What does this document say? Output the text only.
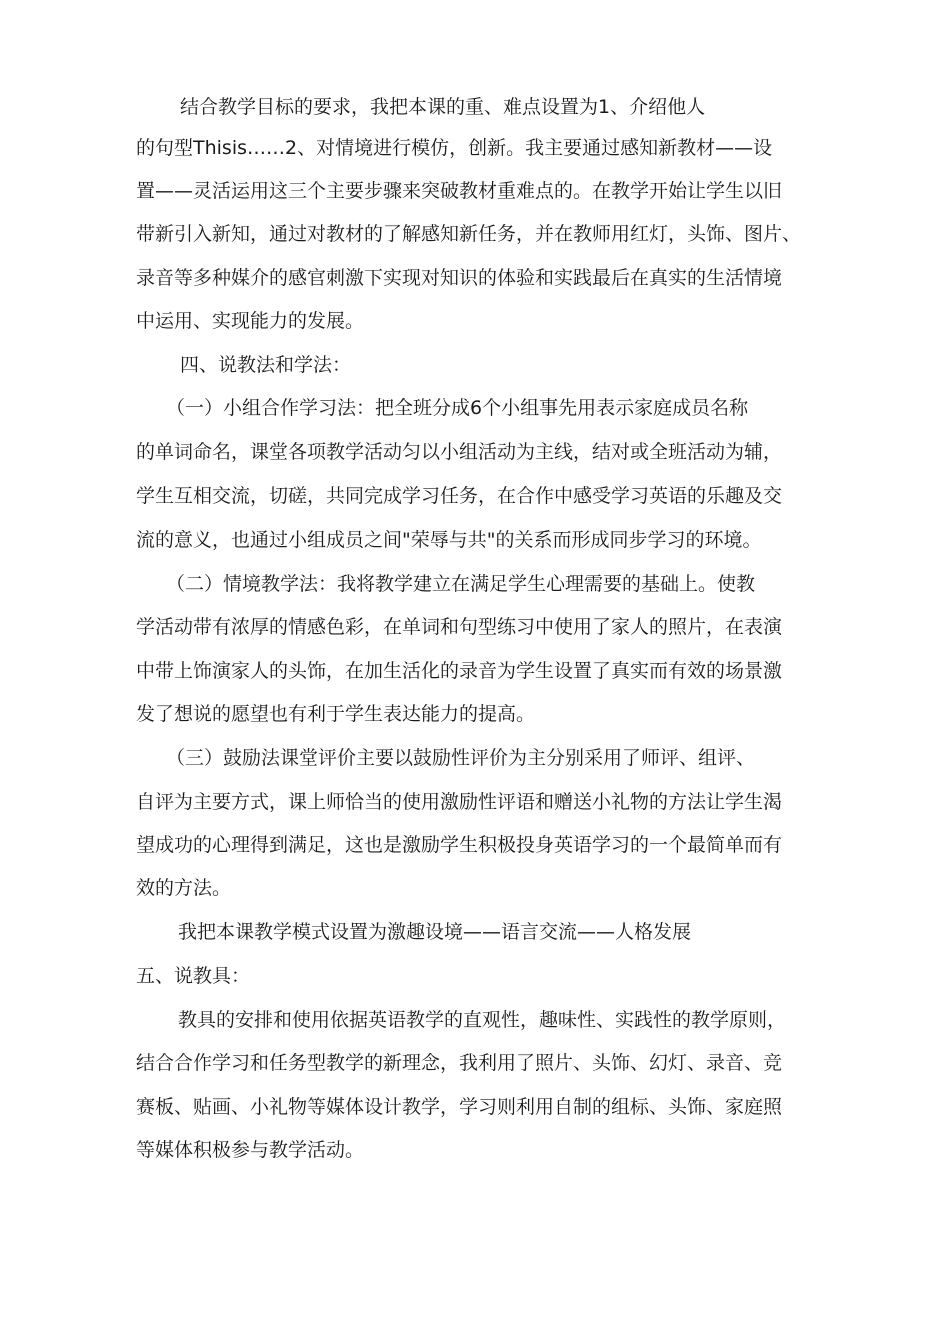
结合教学目标的要求，我把本课的重、难点设置为1、介绍他人
的句型Thisis……2、对情境进行模仿，创新。我主要通过感知新教材——设
置——灵活运用这三个主要步骤来突破教材重难点的。在教学开始让学生以旧
带新引入新知，通过对教材的了解感知新任务，并在教师用红灯，头饰、图片、
录音等多种媒介的感官刺激下实现对知识的体验和实践最后在真实的生活情境
中运用、实现能力的发展。
四、说教法和学法：
（一）小组合作学习法：把全班分成6个小组事先用表示家庭成员名称
的单词命名，课堂各项教学活动匀以小组活动为主线，结对或全班活动为辅，
学生互相交流，切磋，共同完成学习任务，在合作中感受学习英语的乐趣及交
流的意义，也通过小组成员之间"荣辱与共"的关系而形成同步学习的环境。
（二）情境教学法：我将教学建立在满足学生心理需要的基础上。使教
学活动带有浓厚的情感色彩，在单词和句型练习中使用了家人的照片，在表演
中带上饰演家人的头饰，在加生活化的录音为学生设置了真实而有效的场景激
发了想说的愿望也有利于学生表达能力的提高。
（三）鼓励法课堂评价主要以鼓励性评价为主分别采用了师评、组评、
自评为主要方式，课上师恰当的使用激励性评语和赠送小礼物的方法让学生渴
望成功的心理得到满足，这也是激励学生积极投身英语学习的一个最简单而有
效的方法。
我把本课教学模式设置为激趣设境——语言交流——人格发展
五、说教具：
教具的安排和使用依据英语教学的直观性，趣味性、实践性的教学原则，
结合合作学习和任务型教学的新理念，我利用了照片、头饰、幻灯、录音、竞
赛板、贴画、小礼物等媒体设计教学，学习则利用自制的组标、头饰、家庭照
等媒体积极参与教学活动。
